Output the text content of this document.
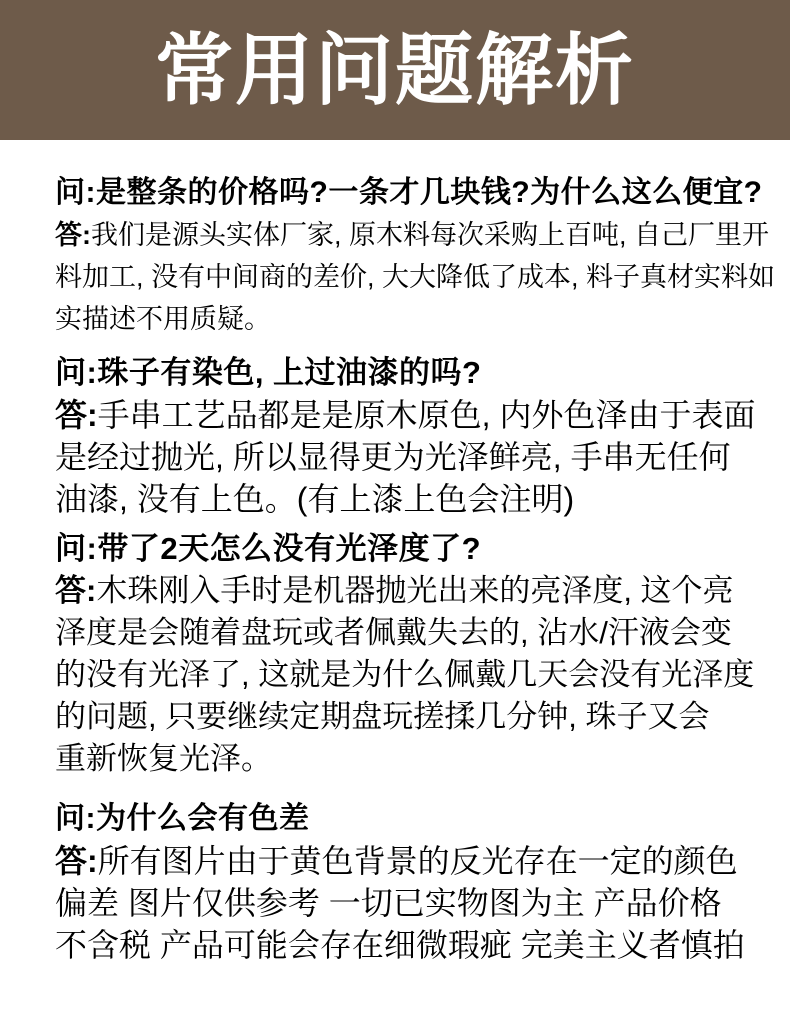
常用问题解析
问:是整条的价格吗?一条才几块钱?为什么这么便宜?
答:我们是源头实体厂家, 原木料每次采购上百吨, 自己厂里开
料加工, 没有中间商的差价, 大大降低了成本, 料子真材实料如
实描述不用质疑。
问:珠子有染色, 上过油漆的吗?
答:手串工艺品都是是原木原色, 内外色泽由于表面
是经过抛光, 所以显得更为光泽鲜亮, 手串无任何
油漆, 没有上色。(有上漆上色会注明)
问:带了2天怎么没有光泽度了?
答:木珠刚入手时是机器抛光出来的亮泽度, 这个亮
泽度是会随着盘玩或者佩戴失去的, 沾水/汗液会变
的没有光泽了, 这就是为什么佩戴几天会没有光泽度
的问题, 只要继续定期盘玩搓揉几分钟, 珠子又会
重新恢复光泽。
问:为什么会有色差
答:所有图片由于黄色背景的反光存在一定的颜色
偏差 图片仅供参考 一切已实物图为主 产品价格
不含税 产品可能会存在细微瑕疵 完美主义者慎拍
